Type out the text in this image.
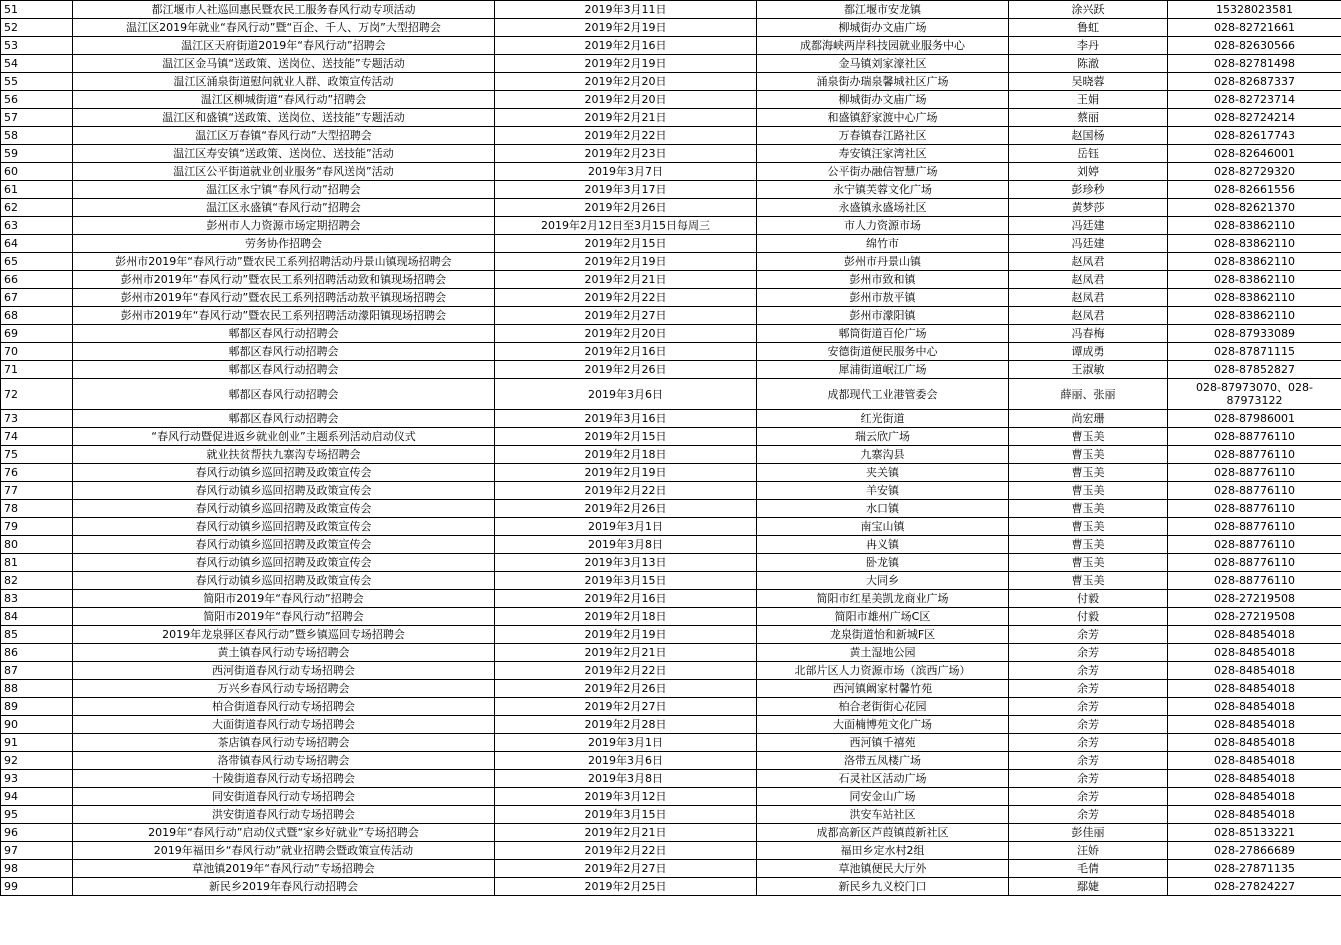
51	都江堰市人社巡回惠民暨农民工服务春风行动专项活动	2019年3月11日	都江堰市安龙镇	涂兴跃	15328023581
52	温江区2019年就业“春风行动”暨“百企、千人、万岗”大型招聘会	2019年2月19日	柳城街办文庙广场	鲁虹	028-82721661
53	温江区天府街道2019年“春风行动”招聘会	2019年2月16日	成都海峡两岸科技园就业服务中心	李丹	028-82630566
54	温江区金马镇“送政策、送岗位、送技能”专题活动	2019年2月19日	金马镇刘家濠社区	陈澈	028-82781498
55	温江区涌泉街道慰问就业人群、政策宣传活动	2019年2月20日	涌泉街办瑞泉馨城社区广场	吴晓蓉	028-82687337
56	温江区柳城街道“春风行动”招聘会	2019年2月20日	柳城街办文庙广场	王娟	028-82723714
57	温江区和盛镇“送政策、送岗位、送技能”专题活动	2019年2月21日	和盛镇舒家渡中心广场	蔡丽	028-82724214
58	温江区万春镇“春风行动”大型招聘会	2019年2月22日	万春镇春江路社区	赵国杨	028-82617743
59	温江区寿安镇“送政策、送岗位、送技能”活动	2019年2月23日	寿安镇汪家湾社区	岳钰	028-82646001
60	温江区公平街道就业创业服务“春风送岗”活动	2019年3月7日	公平街办融信智慧广场	刘婷	028-82729320
61	温江区永宁镇“春风行动”招聘会	2019年3月17日	永宁镇芙蓉文化广场	彭珍秒	028-82661556
62	温江区永盛镇“春风行动”招聘会	2019年2月26日	永盛镇永盛场社区	黄梦莎	028-82621370
63	彭州市人力资源市场定期招聘会	2019年2月12日至3月15日每周三	市人力资源市场	冯廷建	028-83862110
64	劳务协作招聘会	2019年2月15日	绵竹市	冯廷建	028-83862110
65	彭州市2019年“春风行动”暨农民工系列招聘活动丹景山镇现场招聘会	2019年2月19日	彭州市丹景山镇	赵凤君	028-83862110
66	彭州市2019年“春风行动”暨农民工系列招聘活动致和镇现场招聘会	2019年2月21日	彭州市致和镇	赵凤君	028-83862110
67	彭州市2019年“春风行动”暨农民工系列招聘活动敖平镇现场招聘会	2019年2月22日	彭州市敖平镇	赵凤君	028-83862110
68	彭州市2019年“春风行动”暨农民工系列招聘活动濛阳镇现场招聘会	2019年2月27日	彭州市濛阳镇	赵凤君	028-83862110
69	郫都区春风行动招聘会	2019年2月20日	郫筒街道百伦广场	冯春梅	028-87933089
70	郫都区春风行动招聘会	2019年2月16日	安德街道便民服务中心	谭成勇	028-87871115
71	郫都区春风行动招聘会	2019年2月26日	犀浦街道岷江广场	王淑敏	028-87852827
72	郫都区春风行动招聘会	2019年3月6日	成都现代工业港管委会	薛丽、张丽	028-87973070、028-87973122
73	郫都区春风行动招聘会	2019年3月16日	红光街道	尚宏珊	028-87986001
74	“春风行动暨促进返乡就业创业”主题系列活动启动仪式	2019年2月15日	瑞云欣广场	曹玉美	028-88776110
75	就业扶贫帮扶九寨沟专场招聘会	2019年2月18日	九寨沟县	曹玉美	028-88776110
76	春风行动镇乡巡回招聘及政策宣传会	2019年2月19日	夹关镇	曹玉美	028-88776110
77	春风行动镇乡巡回招聘及政策宣传会	2019年2月22日	羊安镇	曹玉美	028-88776110
78	春风行动镇乡巡回招聘及政策宣传会	2019年2月26日	水口镇	曹玉美	028-88776110
79	春风行动镇乡巡回招聘及政策宣传会	2019年3月1日	南宝山镇	曹玉美	028-88776110
80	春风行动镇乡巡回招聘及政策宣传会	2019年3月8日	冉义镇	曹玉美	028-88776110
81	春风行动镇乡巡回招聘及政策宣传会	2019年3月13日	卧龙镇	曹玉美	028-88776110
82	春风行动镇乡巡回招聘及政策宣传会	2019年3月15日	大同乡	曹玉美	028-88776110
83	简阳市2019年“春风行动”招聘会	2019年2月16日	简阳市红星美凯龙商业广场	付毅	028-27219508
84	简阳市2019年“春风行动”招聘会	2019年2月18日	简阳市雄州广场C区	付毅	028-27219508
85	2019年龙泉驿区春风行动”暨乡镇巡回专场招聘会	2019年2月19日	龙泉街道怡和新城F区	余芳	028-84854018
86	黄土镇春风行动专场招聘会	2019年2月21日	黄土湿地公园	余芳	028-84854018
87	西河街道春风行动专场招聘会	2019年2月22日	北部片区人力资源市场（滨西广场）	余芳	028-84854018
88	万兴乡春风行动专场招聘会	2019年2月26日	西河镇阚家村馨竹苑	余芳	028-84854018
89	柏合街道春风行动专场招聘会	2019年2月27日	柏合老街街心花园	余芳	028-84854018
90	大面街道春风行动专场招聘会	2019年2月28日	大面楠博苑文化广场	余芳	028-84854018
91	茶店镇春风行动专场招聘会	2019年3月1日	西河镇千禧苑	余芳	028-84854018
92	洛带镇春风行动专场招聘会	2019年3月6日	洛带五凤楼广场	余芳	028-84854018
93	十陵街道春风行动专场招聘会	2019年3月8日	石灵社区活动广场	余芳	028-84854018
94	同安街道春风行动专场招聘会	2019年3月12日	同安金山广场	余芳	028-84854018
95	洪安街道春风行动专场招聘会	2019年3月15日	洪安车站社区	余芳	028-84854018
96	2019年“春风行动”启动仪式暨“家乡好就业”专场招聘会	2019年2月21日	成都高新区芦葭镇葭新社区	彭佳丽	028-85133221
97	2019年福田乡“春风行动”就业招聘会暨政策宣传活动	2019年2月22日	福田乡定水村2组	汪娇	028-27866689
98	草池镇2019年“春风行动”专场招聘会	2019年2月27日	草池镇便民大厅外	毛倩	028-27871135
99	新民乡2019年春风行动招聘会	2019年2月25日	新民乡九义校门口	鄢婕	028-27824227
